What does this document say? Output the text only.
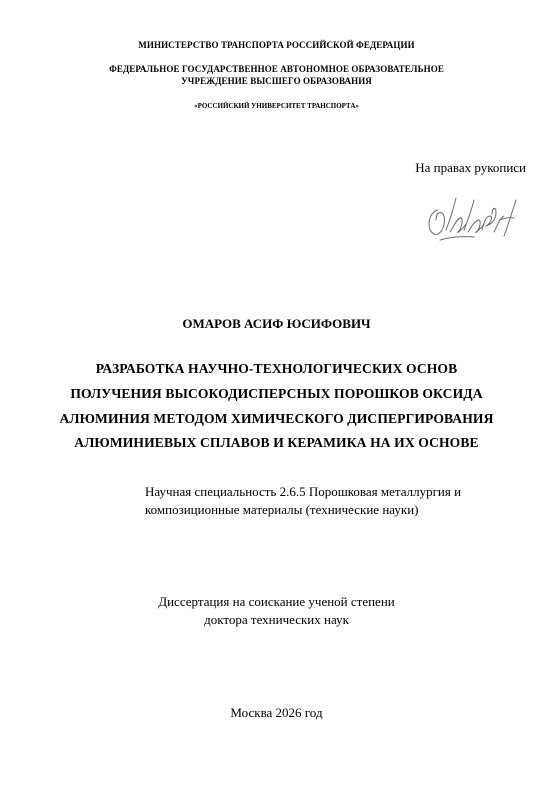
МИНИСТЕРСТВО ТРАНСПОРТА РОССИЙСКОЙ ФЕДЕРАЦИИ
ФЕДЕРАЛЬНОЕ ГОСУДАРСТВЕННОЕ АВТОНОМНОЕ ОБРАЗОВАТЕЛЬНОЕ
УЧРЕЖДЕНИЕ ВЫСШЕГО ОБРАЗОВАНИЯ
«РОССИЙСКИЙ УНИВЕРСИТЕТ ТРАНСПОРТА»
На правах рукописи
ОМАРОВ АСИФ ЮСИФОВИЧ
РАЗРАБОТКА НАУЧНО-ТЕХНОЛОГИЧЕСКИХ ОСНОВ
ПОЛУЧЕНИЯ ВЫСОКОДИСПЕРСНЫХ ПОРОШКОВ ОКСИДА
АЛЮМИНИЯ МЕТОДОМ ХИМИЧЕСКОГО ДИСПЕРГИРОВАНИЯ
АЛЮМИНИЕВЫХ СПЛАВОВ И КЕРАМИКА НА ИХ ОСНОВЕ
Научная специальность 2.6.5 Порошковая металлургия и
композиционные материалы (технические науки)
Диссертация на соискание ученой степени
доктора технических наук
Москва 2026 год
